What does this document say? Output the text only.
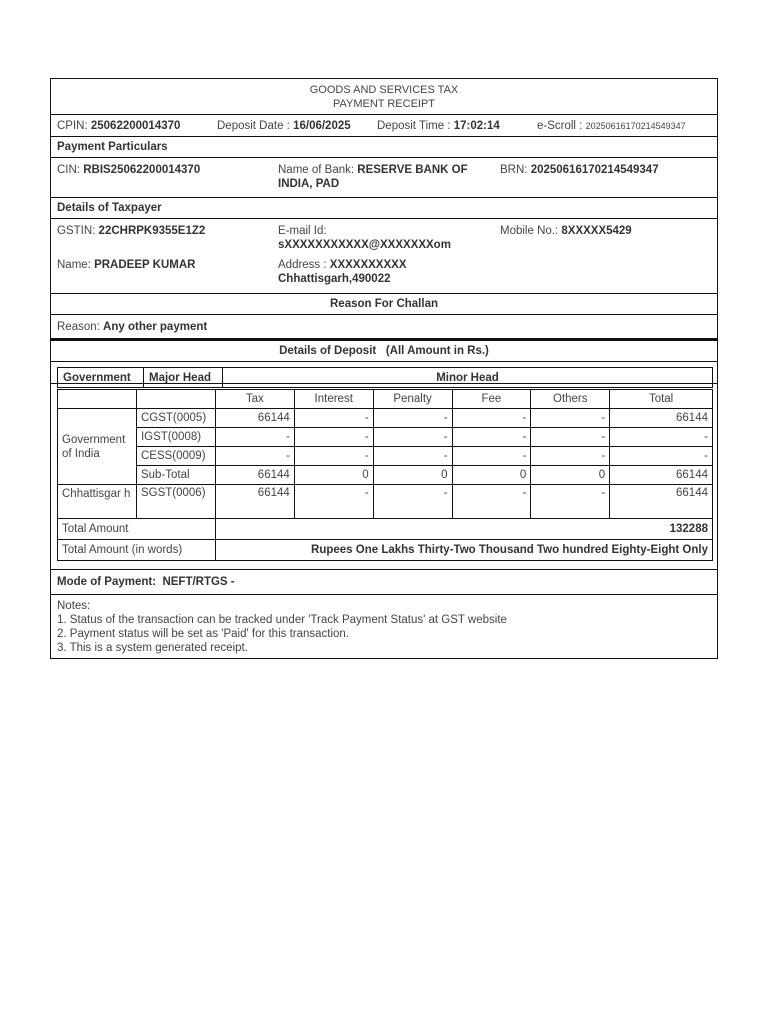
GOODS AND SERVICES TAX
PAYMENT RECEIPT
CPIN: 25062200014370	Deposit Date : 16/06/2025 Deposit Time : 17:02:14	e-Scroll : 20250616170214549347
Payment Particulars
CIN: RBIS25062200014370	Name of Bank: RESERVE BANK OF
INDIA, PAD
BRN: 20250616170214549347
Details of Taxpayer
GSTIN: 22CHRPK9355E1Z2	E-mail Id:
sXXXXXXXXXXX@XXXXXXXom
Mobile No.: 8XXXXX5429
Name: PRADEEP KUMAR	Address : XXXXXXXXXX
Chhattisgarh,490022
Reason For Challan
Reason: Any other payment
Details of Deposit (All Amount in Rs.)
Government	Major Head	Minor Head
		Tax	Interest	Penalty	Fee	Others	Total
Government of India	CGST(0005)	66144	-	-	-	-	66144
	IGST(0008)	-	-	-	-	-	-
	CESS(0009)	-	-	-	-	-	-
	Sub-Total	66144	0	0	0	0	66144
Chhattisgar h	SGST(0006)	66144	-	-	-	-	66144
Total Amount		132288					
Total Amount (in words)		Rupees One Lakhs Thirty-Two Thousand Two hundred Eighty-Eight Only					
Mode of Payment: NEFT/RTGS -
Notes:
1. Status of the transaction can be tracked under 'Track Payment Status' at GST website
2. Payment status will be set as 'Paid' for this transaction.
3. This is a system generated receipt.
